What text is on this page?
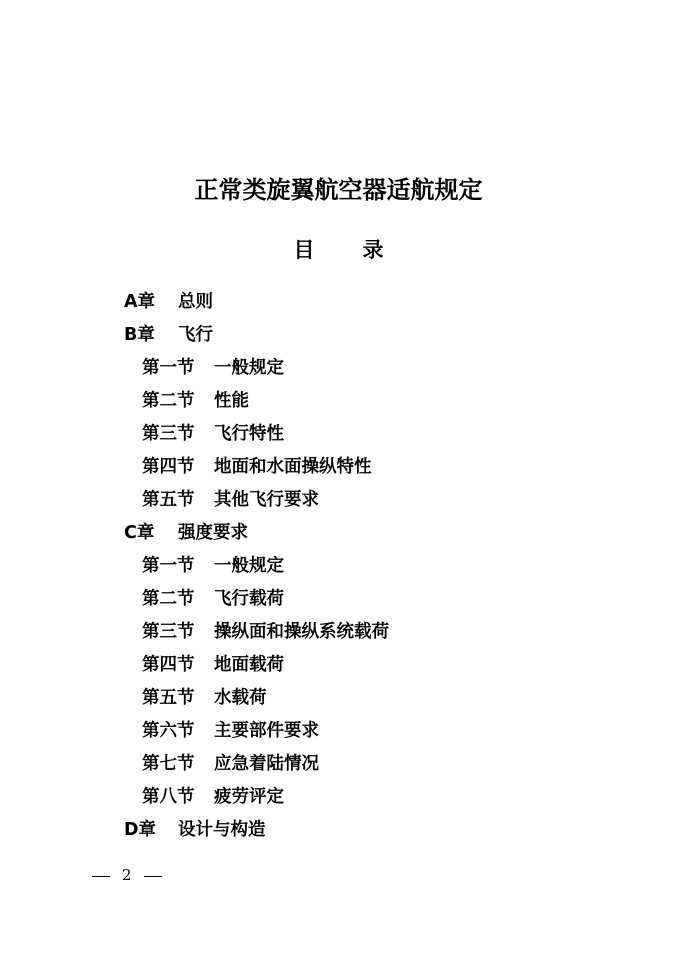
正常类旋翼航空器适航规定
目 录
A章 总则
B章 飞行
第一节 一般规定
第二节 性能
第三节 飞行特性
第四节 地面和水面操纵特性
第五节 其他飞行要求
C章 强度要求
第一节 一般规定
第二节 飞行载荷
第三节 操纵面和操纵系统载荷
第四节 地面载荷
第五节 水载荷
第六节 主要部件要求
第七节 应急着陆情况
第八节 疲劳评定
D章 设计与构造
2
